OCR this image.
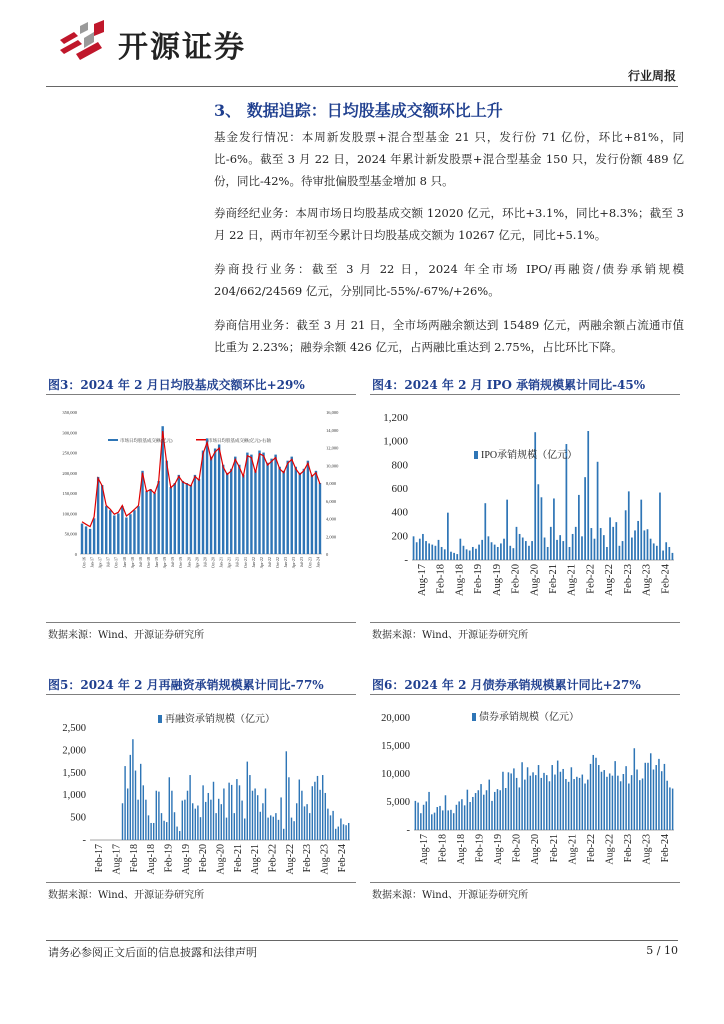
开源证券
行业周报
3、 数据追踪：日均股基成交额环比上升
基金发行情况：本周新发股票+混合型基金 21 只，发行份 71 亿份，环比+81%，同比-6%。截至 3 月 22 日，2024 年累计新发股票+混合型基金 150 只，发行份额 489 亿份，同比-42%。待审批偏股型基金增加 8 只。
券商经纪业务：本周市场日均股基成交额 12020 亿元，环比+3.1%，同比+8.3%；截至 3 月 22 日，两市年初至今累计日均股基成交额为 10267 亿元，同比+5.1%。
券商投行业务：截至 3 月 22 日，2024 年全市场 IPO/再融资/债券承销规模 204/662/24569 亿元，分别同比-55%/-67%/+26%。
券商信用业务：截至 3 月 21 日，全市场两融余额达到 15489 亿元，两融余额占流通市值比重为 2.23%；融券余额 426 亿元，占两融比重达到 2.75%，占比环比下降。
图3：2024 年 2 月日均股基成交额环比+29%
0
50,000
100,000
150,000
200,000
250,000
300,000
350,000
0
2,000
4,000
6,000
8,000
10,000
12,000
14,000
16,000
Oct-16 Jan-17 Apr-17 Jul-17 Oct-17 Jan-18 Apr-18 Jul-18 Oct-18 Jan-19 Apr-19 Jul-19 Oct-19 Jan-20 Apr-20 Jul-20 Oct-20 Jan-21 Apr-21 Jul-21 Oct-21 Jan-22 Apr-22 Jul-22 Oct-22 Jan-23 Apr-23 Jul-23 Oct-23 Jan-24
市场日均股基成交额(亿元)	市场日均股基成交额(亿元)-右轴
数据来源：Wind、开源证券研究所
图4：2024 年 2 月 IPO 承销规模累计同比-45%
-
200
400
600
800
1,000
1,200
Aug-17 Feb-18 Aug-18 Feb-19 Aug-19 Feb-20 Aug-20 Feb-21 Aug-21 Feb-22 Aug-22 Feb-23 Aug-23 Feb-24
IPO承销规模（亿元）
数据来源：Wind、开源证券研究所
图5：2024 年 2 月再融资承销规模累计同比-77%
-
500
1,000
1,500
2,000
2,500
Feb-17 Aug-17 Feb-18 Aug-18 Feb-19 Aug-19 Feb-20 Aug-20 Feb-21 Aug-21 Feb-22 Aug-22 Feb-23 Aug-23 Feb-24
再融资承销规模（亿元）
数据来源：Wind、开源证券研究所
图6：2024 年 2 月债券承销规模累计同比+27%
-
5,000
10,000
15,000
20,000
Aug-17 Feb-18 Aug-18 Feb-19 Aug-19 Feb-20 Aug-20 Feb-21 Aug-21 Feb-22 Aug-22 Feb-23 Aug-23 Feb-24
债券承销规模（亿元）
数据来源：Wind、开源证券研究所
请务必参阅正文后面的信息披露和法律声明	5 / 10
